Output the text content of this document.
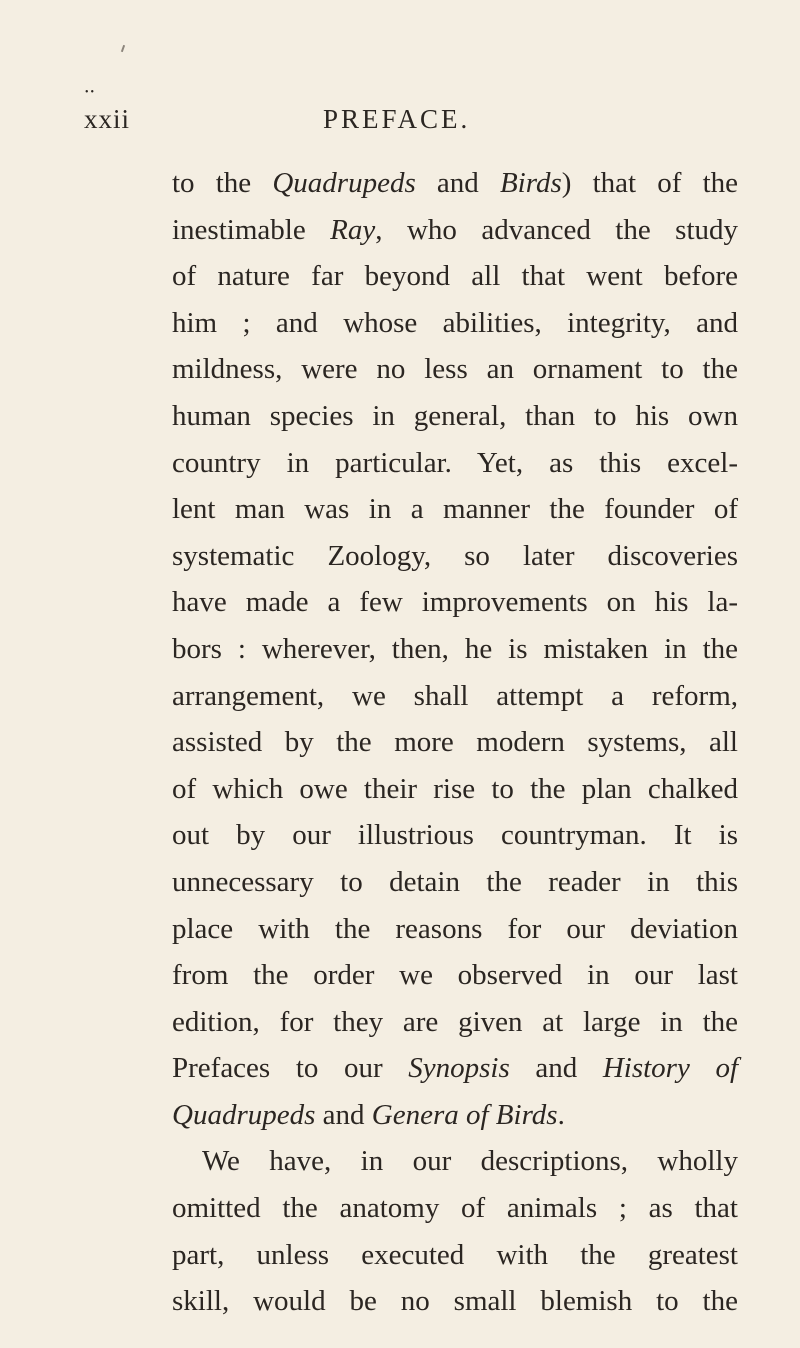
•• xxii	PREFACE.
to the Quadrupeds and Birds) that of the
inestimable Ray, who advanced the study
of nature far beyond all that went before
him ; and whose abilities, integrity, and
mildness, were no less an ornament to the
human species in general, than to his own
country in particular. Yet, as this excel-
lent man was in a manner the founder of
systematic Zoology, so later discoveries
have made a few improvements on his la-
bors : wherever, then, he is mistaken in the
arrangement, we shall attempt a reform,
assisted by the more modern systems, all
of which owe their rise to the plan chalked
out by our illustrious countryman. It is
unnecessary to detain the reader in this
place with the reasons for our deviation
from the order we observed in our last
edition, for they are given at large in the
Prefaces to our Synopsis and History of
Quadrupeds and Genera of Birds.
We have, in our descriptions, wholly
omitted the anatomy of animals ; as that
part, unless executed with the greatest
skill, would be no small blemish to the
